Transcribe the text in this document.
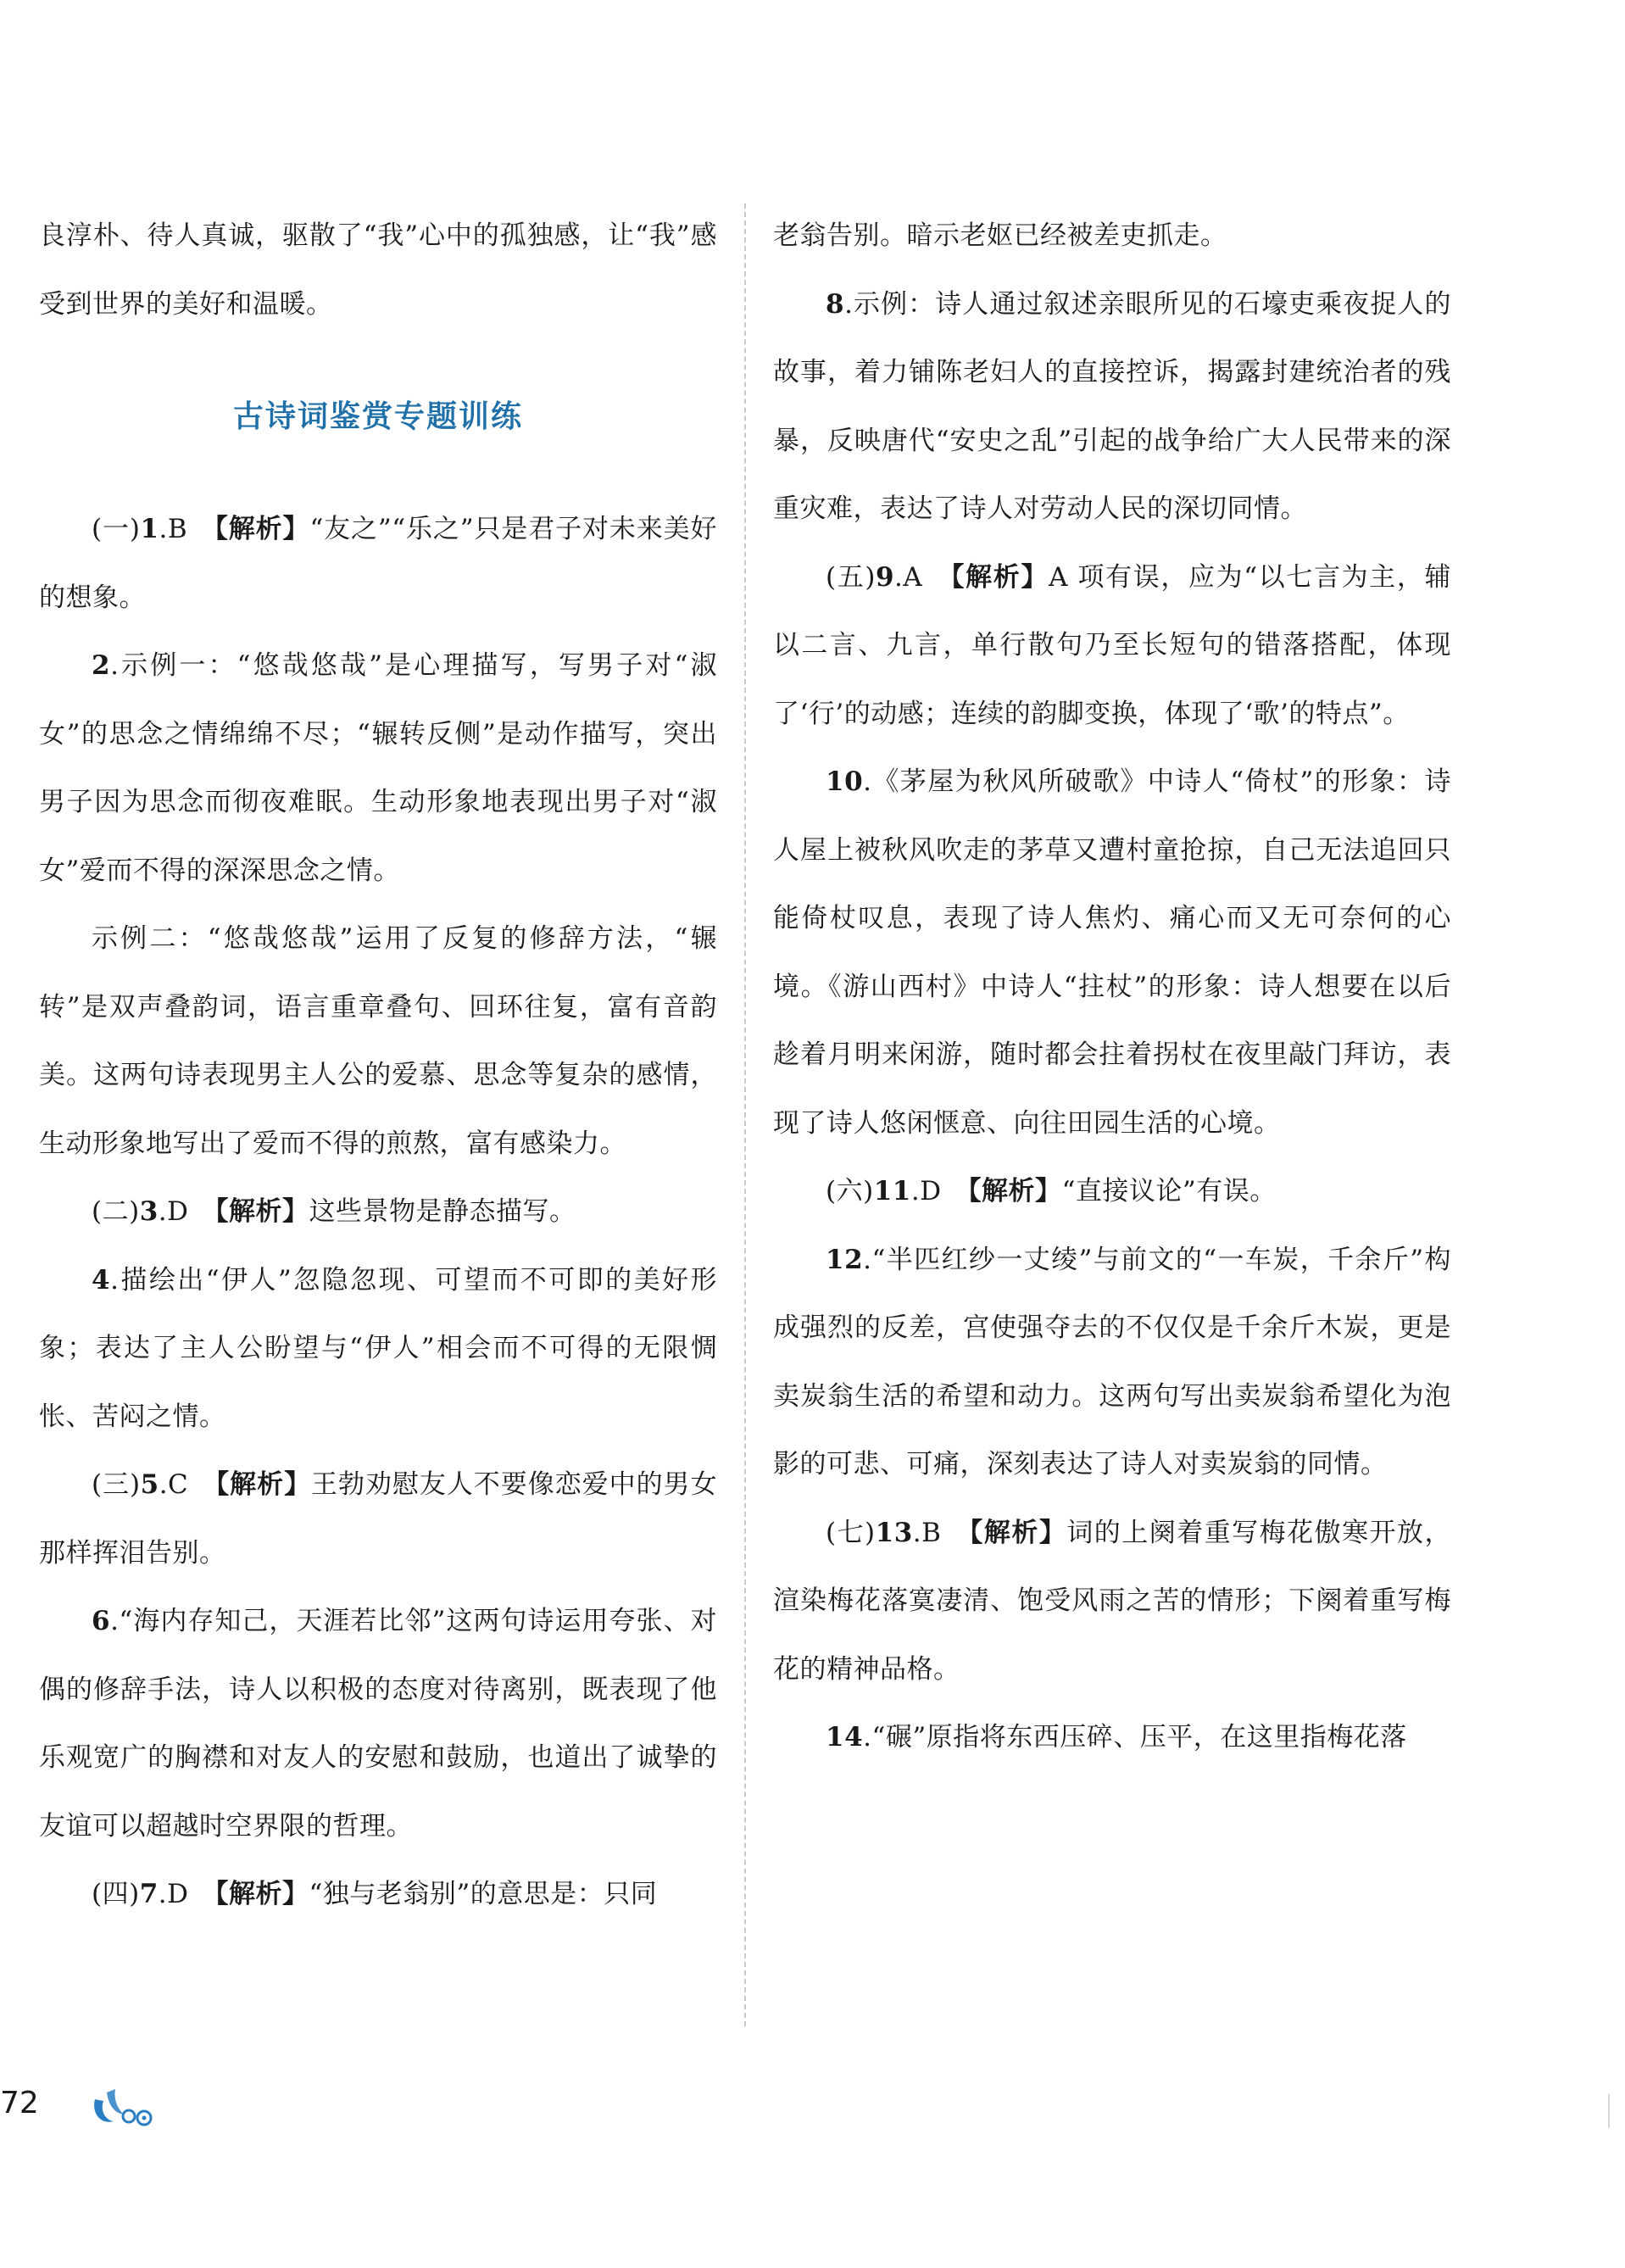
良淳朴、待人真诚，驱散了“我”心中的孤独感，让“我”感受到世界的美好和温暖。

古诗词鉴赏专题训练

(一)1.B　【解析】“友之”“乐之”只是君子对未来美好的想象。

2.示例一：“悠哉悠哉”是心理描写，写男子对“淑女”的思念之情绵绵不尽；“辗转反侧”是动作描写，突出男子因为思念而彻夜难眠。生动形象地表现出男子对“淑女”爱而不得的深深思念之情。

示例二：“悠哉悠哉”运用了反复的修辞方法，“辗转”是双声叠韵词，语言重章叠句、回环往复，富有音韵美。这两句诗表现男主人公的爱慕、思念等复杂的感情，生动形象地写出了爱而不得的煎熬，富有感染力。

(二)3.D　【解析】这些景物是静态描写。

4.描绘出“伊人”忽隐忽现、可望而不可即的美好形象；表达了主人公盼望与“伊人”相会而不可得的无限惆怅、苦闷之情。

(三)5.C　【解析】王勃劝慰友人不要像恋爱中的男女那样挥泪告别。

6.“海内存知己，天涯若比邻”这两句诗运用夸张、对偶的修辞手法，诗人以积极的态度对待离别，既表现了他乐观宽广的胸襟和对友人的安慰和鼓励，也道出了诚挚的友谊可以超越时空界限的哲理。

(四)7.D　【解析】“独与老翁别”的意思是：只同

老翁告别。暗示老妪已经被差吏抓走。

8.示例：诗人通过叙述亲眼所见的石壕吏乘夜捉人的故事，着力铺陈老妇人的直接控诉，揭露封建统治者的残暴，反映唐代“安史之乱”引起的战争给广大人民带来的深重灾难，表达了诗人对劳动人民的深切同情。

(五)9.A　【解析】A 项有误，应为“以七言为主，辅以二言、九言，单行散句乃至长短句的错落搭配，体现了‘行’的动感；连续的韵脚变换，体现了‘歌’的特点”。

10.《茅屋为秋风所破歌》中诗人“倚杖”的形象：诗人屋上被秋风吹走的茅草又遭村童抢掠，自己无法追回只能倚杖叹息，表现了诗人焦灼、痛心而又无可奈何的心境。《游山西村》中诗人“拄杖”的形象：诗人想要在以后趁着月明来闲游，随时都会拄着拐杖在夜里敲门拜访，表现了诗人悠闲惬意、向往田园生活的心境。

(六)11.D　【解析】“直接议论”有误。

12.“半匹红纱一丈绫”与前文的“一车炭，千余斤”构成强烈的反差，宫使强夺去的不仅仅是千余斤木炭，更是卖炭翁生活的希望和动力。这两句写出卖炭翁希望化为泡影的可悲、可痛，深刻表达了诗人对卖炭翁的同情。

(七)13.B　【解析】词的上阕着重写梅花傲寒开放，渲染梅花落寞凄清、饱受风雨之苦的情形；下阕着重写梅花的精神品格。

14.“碾”原指将东西压碎、压平，在这里指梅花落

72
